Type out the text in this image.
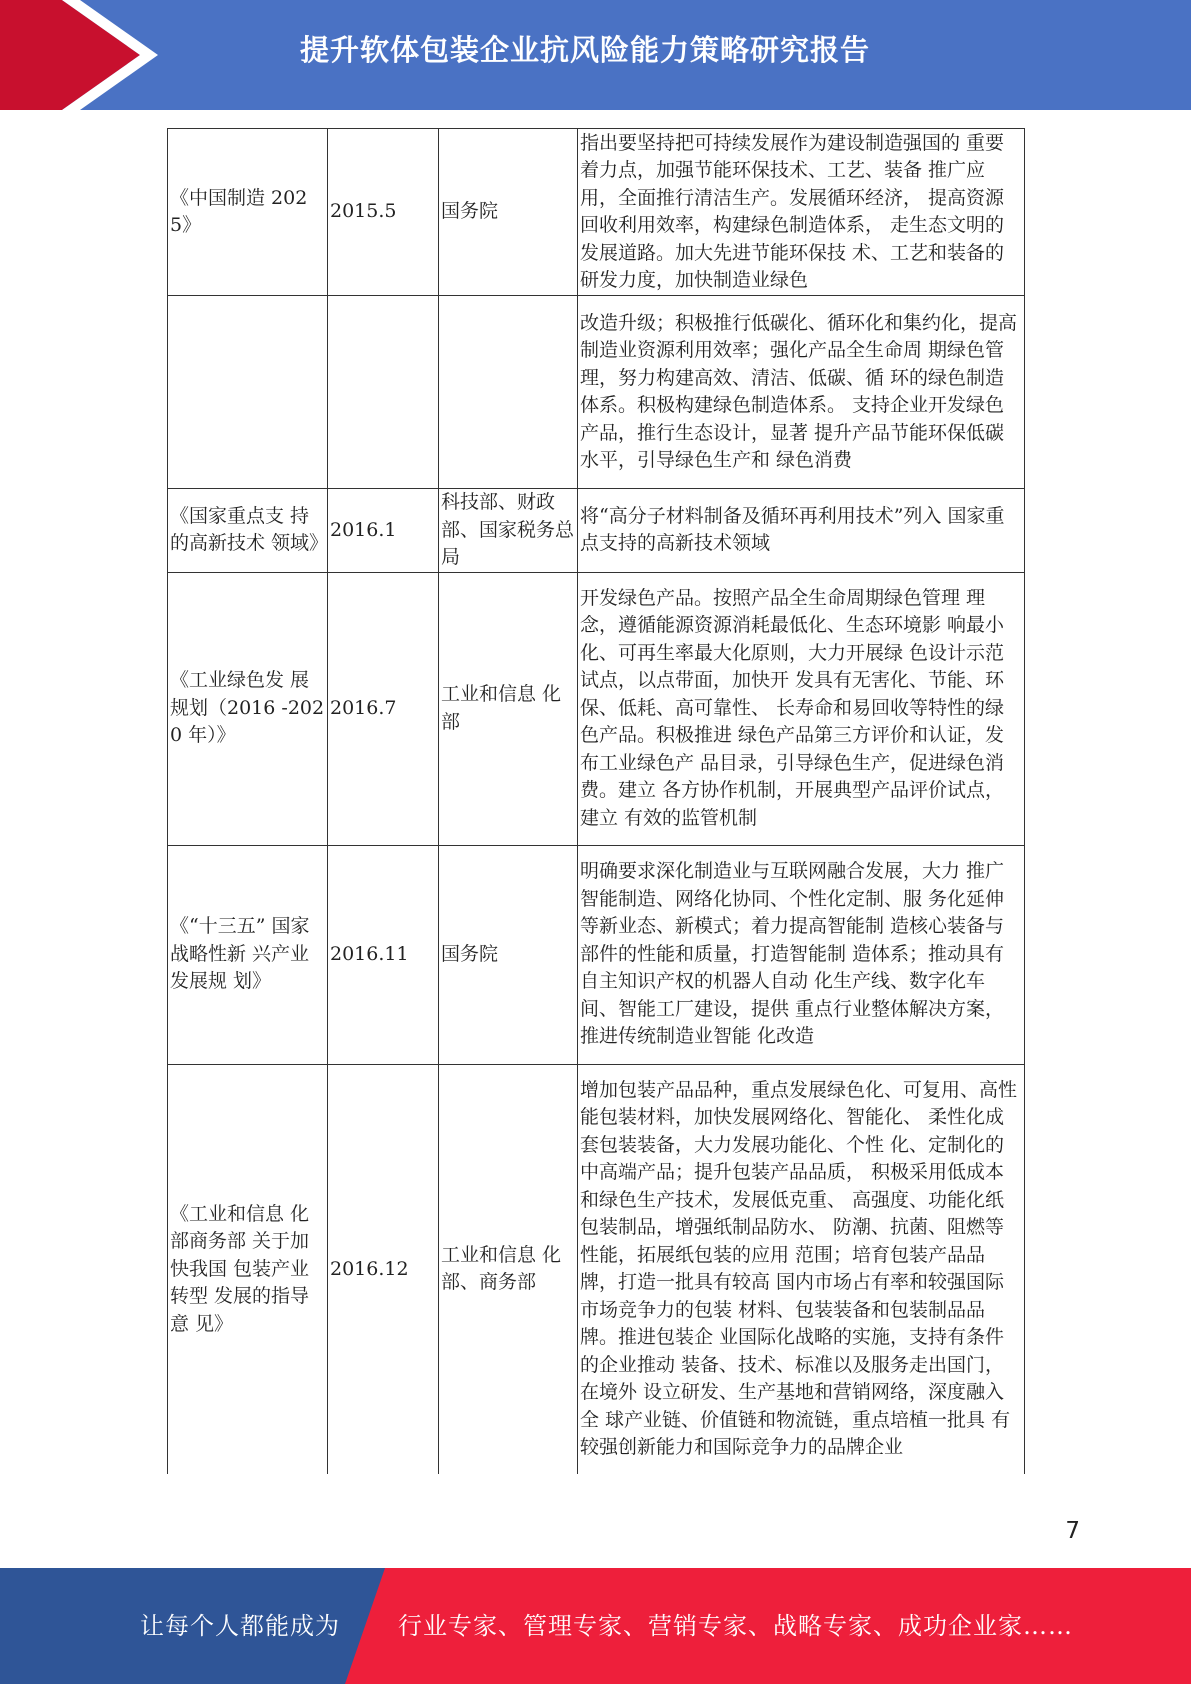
提升软体包装企业抗风险能力策略研究报告
《中国制造 2025》	2015.5	国务院	指出要坚持把可持续发展作为建设制造强国的 重要着力点，加强节能环保技术、工艺、装备 推广应用，全面推行清洁生产。发展循环经济， 提高资源回收利用效率，构建绿色制造体系， 走生态文明的发展道路。加大先进节能环保技 术、工艺和装备的研发力度，加快制造业绿色
			改造升级；积极推行低碳化、循环化和集约化，提高制造业资源利用效率；强化产品全生命周 期绿色管理，努力构建高效、清洁、低碳、循 环的绿色制造体系。积极构建绿色制造体系。 支持企业开发绿色产品，推行生态设计，显著 提升产品节能环保低碳水平，引导绿色生产和 绿色消费
《国家重点支 持的高新技术 领域》	2016.1	科技部、财政部、国家税务总局	将“高分子材料制备及循环再利用技术”列入 国家重点支持的高新技术领域
《工业绿色发 展规划（2016 -2020 年）》	2016.7	工业和信息 化部	开发绿色产品。按照产品全生命周期绿色管理 理念，遵循能源资源消耗最低化、生态环境影 响最小化、可再生率最大化原则，大力开展绿 色设计示范试点，以点带面，加快开 发具有无害化、节能、环保、低耗、高可靠性、 长寿命和易回收等特性的绿色产品。积极推进 绿色产品第三方评价和认证，发布工业绿色产 品目录，引导绿色生产，促进绿色消费。建立 各方协作机制，开展典型产品评价试点，建立 有效的监管机制
《“十三五” 国家战略性新 兴产业发展规 划》	2016.11	国务院	明确要求深化制造业与互联网融合发展，大力 推广智能制造、网络化协同、个性化定制、服 务化延伸等新业态、新模式；着力提高智能制 造核心装备与部件的性能和质量，打造智能制 造体系；推动具有自主知识产权的机器人自动 化生产线、数字化车间、智能工厂建设，提供 重点行业整体解决方案，推进传统制造业智能 化改造
《工业和信息 化部商务部 关于加快我国 包装产业转型 发展的指导意 见》	2016.12	工业和信息 化部、商务部	增加包装产品品种，重点发展绿色化、可复用、高性能包装材料，加快发展网络化、智能化、 柔性化成套包装装备，大力发展功能化、个性 化、定制化的中高端产品；提升包装产品品质， 积极采用低成本和绿色生产技术，发展低克重、 高强度、功能化纸包装制品，增强纸制品防水、 防潮、抗菌、阻燃等性能，拓展纸包装的应用 范围；培育包装产品品牌，打造一批具有较高 国内市场占有率和较强国际市场竞争力的包装 材料、包装装备和包装制品品牌。推进包装企 业国际化战略的实施，支持有条件的企业推动 装备、技术、标准以及服务走出国门，在境外 设立研发、生产基地和营销网络，深度融入全 球产业链、价值链和物流链，重点培植一批具 有较强创新能力和国际竞争力的品牌企业
7
让每个人都能成为 行业专家、管理专家、营销专家、战略专家、成功企业家……
